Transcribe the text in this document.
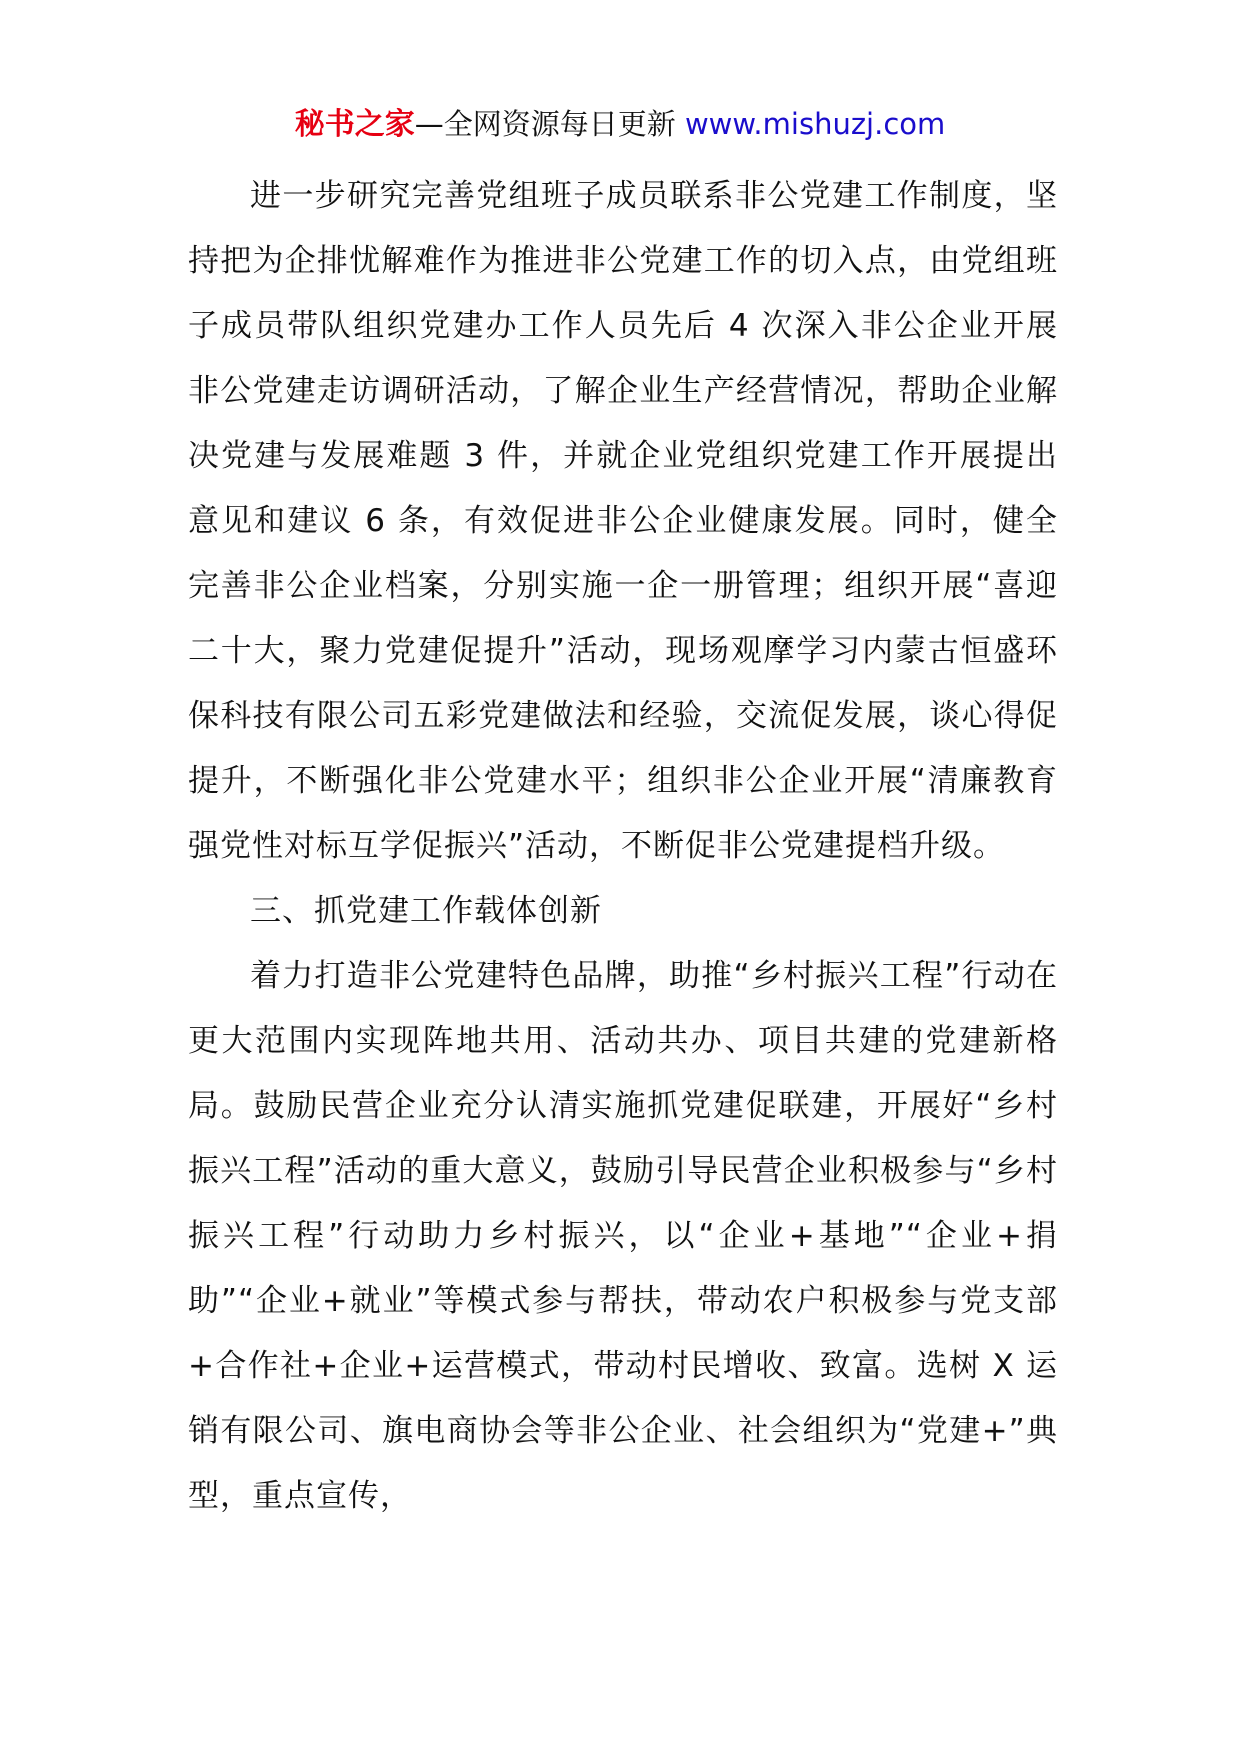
秘书之家—全网资源每日更新 www.mishuzj.com

进一步研究完善党组班子成员联系非公党建工作制度，坚持把为企排忧解难作为推进非公党建工作的切入点，由党组班子成员带队组织党建办工作人员先后 4 次深入非公企业开展非公党建走访调研活动，了解企业生产经营情况，帮助企业解决党建与发展难题 3 件，并就企业党组织党建工作开展提出意见和建议 6 条，有效促进非公企业健康发展。同时，健全完善非公企业档案，分别实施一企一册管理；组织开展“喜迎二十大，聚力党建促提升”活动，现场观摩学习内蒙古恒盛环保科技有限公司五彩党建做法和经验，交流促发展，谈心得促提升，不断强化非公党建水平；组织非公企业开展“清廉教育强党性对标互学促振兴”活动，不断促非公党建提档升级。

三、抓党建工作载体创新

着力打造非公党建特色品牌，助推“乡村振兴工程”行动在更大范围内实现阵地共用、活动共办、项目共建的党建新格局。鼓励民营企业充分认清实施抓党建促联建，开展好“乡村振兴工程”活动的重大意义，鼓励引导民营企业积极参与“乡村振兴工程”行动助力乡村振兴，以“企业+基地”“企业+捐助”“企业+就业”等模式参与帮扶，带动农户积极参与党支部+合作社+企业+运营模式，带动村民增收、致富。选树 X 运销有限公司、旗电商协会等非公企业、社会组织为“党建+”典型，重点宣传，
